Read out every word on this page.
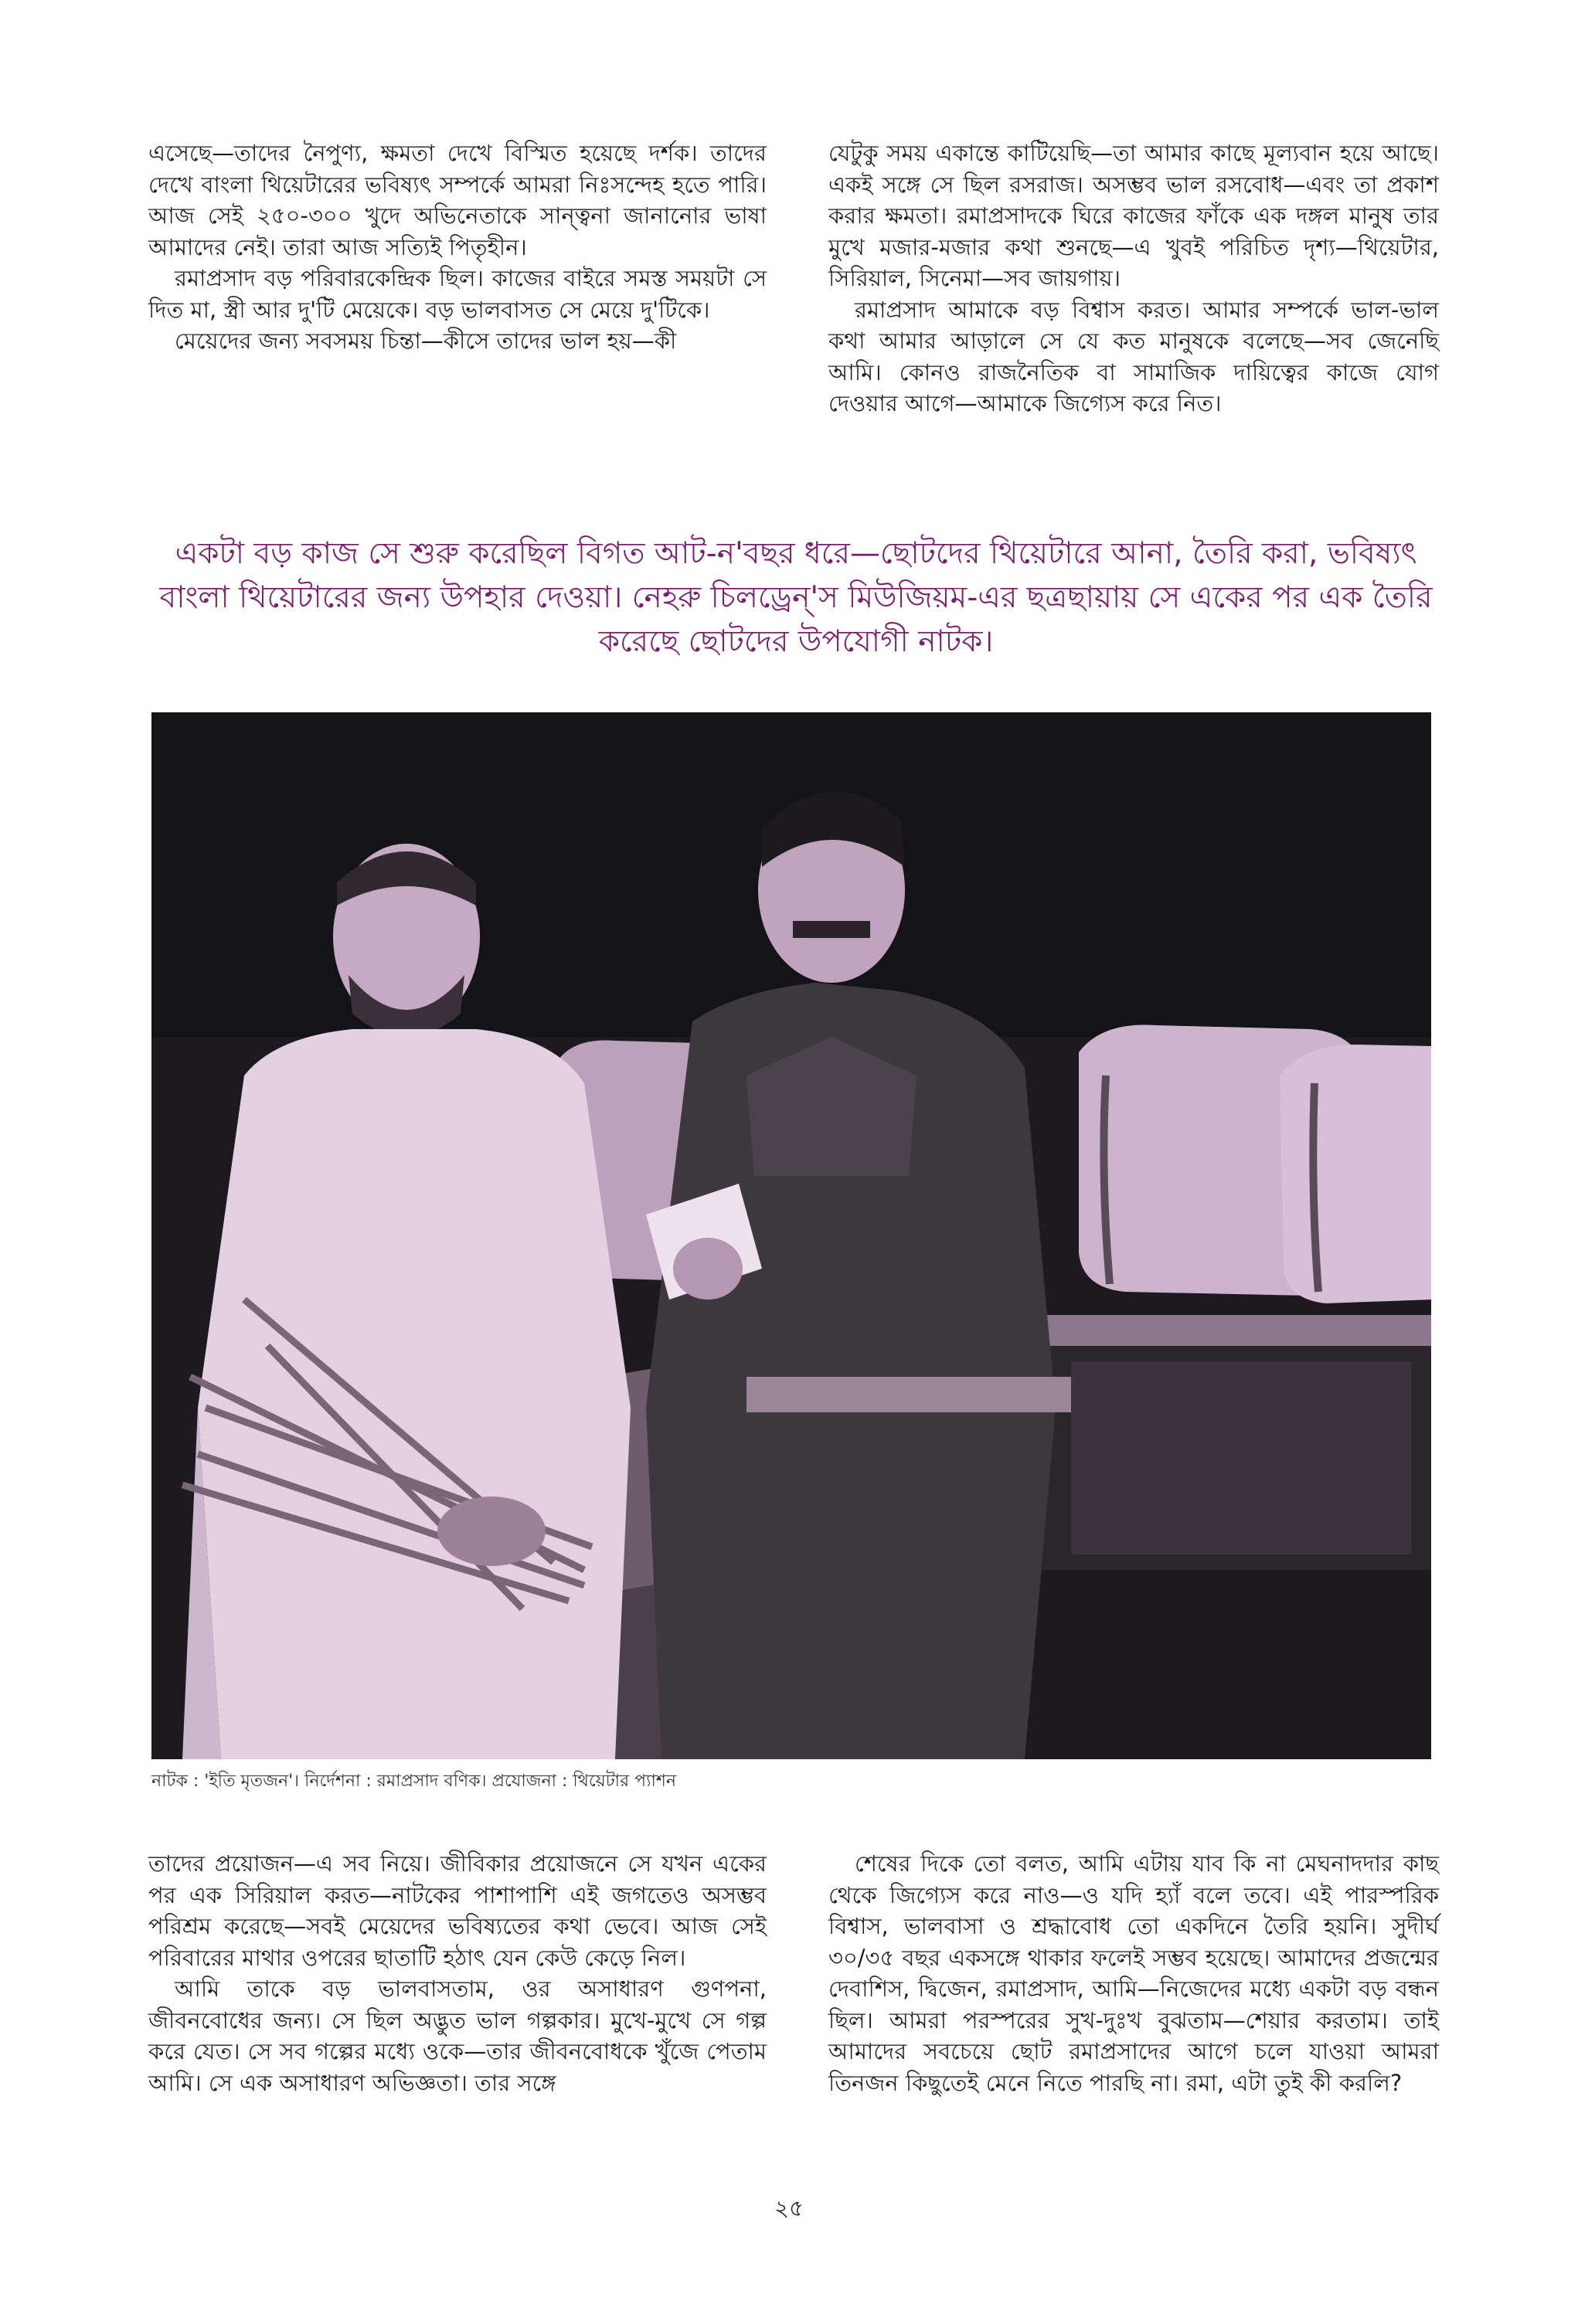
এসেছে—তাদের নৈপুণ্য, ক্ষমতা দেখে বিস্মিত হয়েছে দর্শক। তাদের দেখে বাংলা থিয়েটারের ভবিষ্যৎ সম্পর্কে আমরা নিঃসন্দেহ হতে পারি। আজ সেই ২৫০-৩০০ খুদে অভিনেতাকে সান্ত্বনা জানানোর ভাষা আমাদের নেই। তারা আজ সত্যিই পিতৃহীন।

রমাপ্রসাদ বড় পরিবারকেন্দ্রিক ছিল। কাজের বাইরে সমস্ত সময়টা সে দিত মা, স্ত্রী আর দু'টি মেয়েকে। বড় ভালবাসত সে মেয়ে দু'টিকে।

মেয়েদের জন্য সবসময় চিন্তা—কীসে তাদের ভাল হয়—কী

যেটুকু সময় একান্তে কাটিয়েছি—তা আমার কাছে মূল্যবান হয়ে আছে। একই সঙ্গে সে ছিল রসরাজ। অসম্ভব ভাল রসবোধ—এবং তা প্রকাশ করার ক্ষমতা। রমাপ্রসাদকে ঘিরে কাজের ফাঁকে এক দঙ্গল মানুষ তার মুখে মজার-মজার কথা শুনছে—এ খুবই পরিচিত দৃশ্য—থিয়েটার, সিরিয়াল, সিনেমা—সব জায়গায়।

রমাপ্রসাদ আমাকে বড় বিশ্বাস করত। আমার সম্পর্কে ভাল-ভাল কথা আমার আড়ালে সে যে কত মানুষকে বলেছে—সব জেনেছি আমি। কোনও রাজনৈতিক বা সামাজিক দায়িত্বের কাজে যোগ দেওয়ার আগে—আমাকে জিগ্যেস করে নিত।

একটা বড় কাজ সে শুরু করেছিল বিগত আট-ন'বছর ধরে—ছোটদের থিয়েটারে আনা, তৈরি করা, ভবিষ্যৎ বাংলা থিয়েটারের জন্য উপহার দেওয়া। নেহরু চিলড্রেন্'স মিউজিয়ম-এর ছত্রছায়ায় সে একের পর এক তৈরি করেছে ছোটদের উপযোগী নাটক।
নাটক : 'ইতি মৃতজন'। নির্দেশনা : রমাপ্রসাদ বণিক। প্রযোজনা : থিয়েটার প্যাশন

তাদের প্রয়োজন—এ সব নিয়ে। জীবিকার প্রয়োজনে সে যখন একের পর এক সিরিয়াল করত—নাটকের পাশাপাশি এই জগতেও অসম্ভব পরিশ্রম করেছে—সবই মেয়েদের ভবিষ্যতের কথা ভেবে। আজ সেই পরিবারের মাথার ওপরের ছাতাটি হঠাৎ যেন কেউ কেড়ে নিল।

আমি তাকে বড় ভালবাসতাম, ওর অসাধারণ গুণপনা, জীবনবোধের জন্য। সে ছিল অদ্ভুত ভাল গল্পকার। মুখে-মুখে সে গল্প করে যেত। সে সব গল্পের মধ্যে ওকে—তার জীবনবোধকে খুঁজে পেতাম আমি। সে এক অসাধারণ অভিজ্ঞতা। তার সঙ্গে

শেষের দিকে তো বলত, আমি এটায় যাব কি না মেঘনাদদার কাছ থেকে জিগ্যেস করে নাও—ও যদি হ্যাঁ বলে তবে। এই পারস্পরিক বিশ্বাস, ভালবাসা ও শ্রদ্ধাবোধ তো একদিনে তৈরি হয়নি। সুদীর্ঘ ৩০/৩৫ বছর একসঙ্গে থাকার ফলেই সম্ভব হয়েছে। আমাদের প্রজন্মের দেবাশিস, দ্বিজেন, রমাপ্রসাদ, আমি—নিজেদের মধ্যে একটা বড় বন্ধন ছিল। আমরা পরস্পরের সুখ-দুঃখ বুঝতাম—শেয়ার করতাম। তাই আমাদের সবচেয়ে ছোট রমাপ্রসাদের আগে চলে যাওয়া আমরা তিনজন কিছুতেই মেনে নিতে পারছি না। রমা, এটা তুই কী করলি?

২৫
